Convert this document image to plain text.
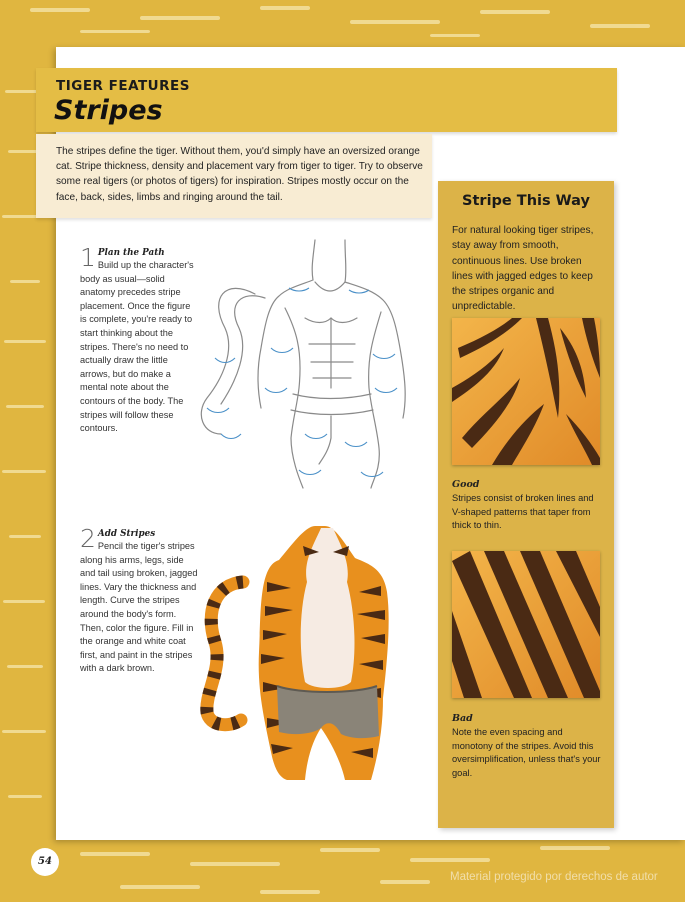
TIGER FEATURES
Stripes

The stripes define the tiger. Without them, you'd simply have an oversized orange cat. Stripe thickness, density and placement vary from tiger to tiger. Try to observe some real tigers (or photos of tigers) for inspiration. Stripes mostly occur on the face, back, sides, limbs and ringing around the tail.

1 Plan the Path

Build up the character's body as usual—solid anatomy precedes stripe placement. Once the figure is complete, you're ready to start thinking about the stripes. There's no need to actually draw the little arrows, but do make a mental note about the contours of the body. The stripes will follow these contours.

2 Add Stripes

Pencil the tiger's stripes along his arms, legs, side and tail using broken, jagged lines. Vary the thickness and length. Curve the stripes around the body's form. Then, color the figure. Fill in the orange and white coat first, and paint in the stripes with a dark brown.

Stripe This Way

For natural looking tiger stripes, stay away from smooth, continuous lines. Use broken lines with jagged edges to keep the stripes organic and unpredictable.

Good

Stripes consist of broken lines and V-shaped patterns that taper from thick to thin.

Bad

Note the even spacing and monotony of the stripes. Avoid this oversimplification, unless that's your goal.

54

Material protegido por derechos de autor
